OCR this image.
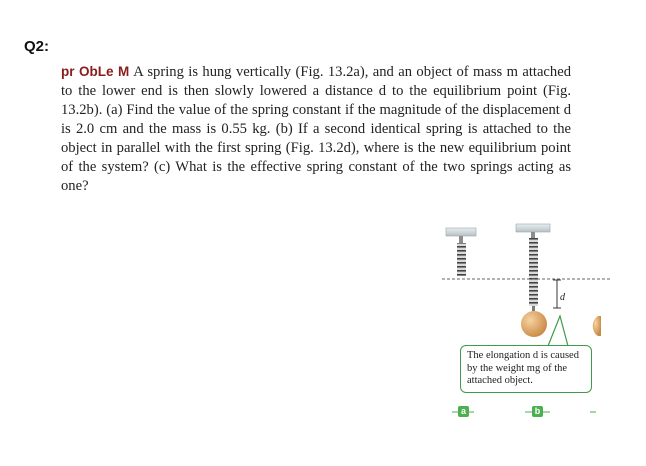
Q2:

pr ObLe M A spring is hung vertically (Fig. 13.2a), and an object of mass m attached to the lower end is then slowly lowered a distance d to the equilibrium point (Fig. 13.2b). (a) Find the value of the spring constant if the magnitude of the displacement d is 2.0 cm and the mass is 0.55 kg. (b) If a second identical spring is attached to the object in parallel with the first spring (Fig. 13.2d), where is the new equilibrium point of the system? (c) What is the effective spring constant of the two springs acting as one?

d
The elongation d is caused by the weight mg of the attached object.
a	b
